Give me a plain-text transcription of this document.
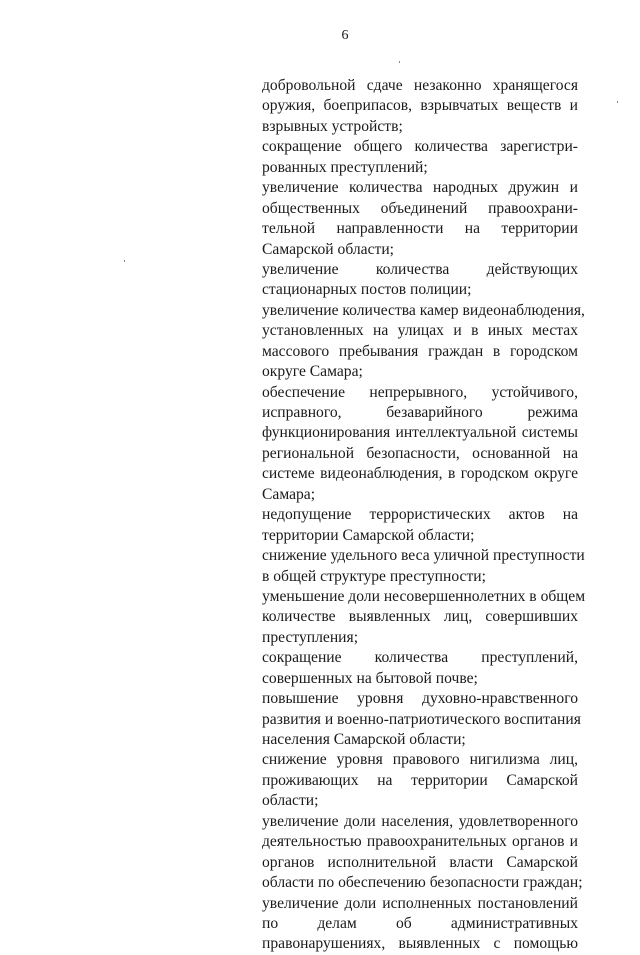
6
добровольной сдаче незаконно хранящегося
оружия, боеприпасов, взрывчатых веществ и
взрывных устройств;
сокращение общего количества зарегистри-
рованных преступлений;
увеличение количества народных дружин и
общественных объединений правоохрани-
тельной направленности на территории
Самарской области;
увеличение количества действующих
стационарных постов полиции;
увеличение количества камер видеонаблюдения,
установленных на улицах и в иных местах
массового пребывания граждан в городском
округе Самара;
обеспечение непрерывного, устойчивого,
исправного, безаварийного режима
функционирования интеллектуальной системы
региональной безопасности, основанной на
системе видеонаблюдения, в городском округе
Самара;
недопущение террористических актов на
территории Самарской области;
снижение удельного веса уличной преступности
в общей структуре преступности;
уменьшение доли несовершеннолетних в общем
количестве выявленных лиц, совершивших
преступления;
сокращение количества преступлений,
совершенных на бытовой почве;
повышение уровня духовно-нравственного
развития и военно-патриотического воспитания
населения Самарской области;
снижение уровня правового нигилизма лиц,
проживающих на территории Самарской
области;
увеличение доли населения, удовлетворенного
деятельностью правоохранительных органов и
органов исполнительной власти Самарской
области по обеспечению безопасности граждан;
увеличение доли исполненных постановлений
по делам об административных
правонарушениях, выявленных с помощью
